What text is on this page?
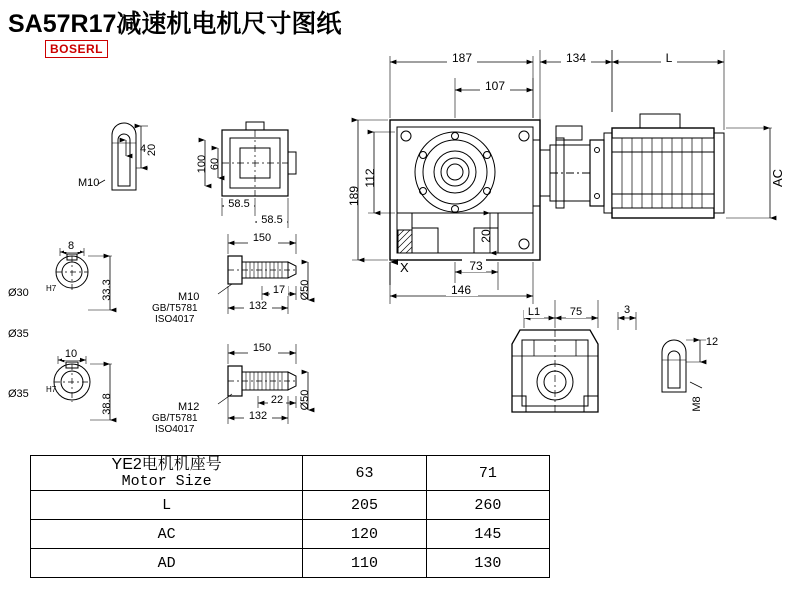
SA57R17减速机电机尺寸图纸
BOSERL
187
107
134	L
189
112
20
73
146
X
AC
20
4
M10
100 60
58.5
58.5
8
Ø30 H7	33.3
Ø35
10
Ø35 H7
38.8
150
M10
GB/T5781
ISO4017
17
132
Ø50
150
M12
GB/T5781
ISO4017
22
132
Ø50
L1	75	3
12
M8
YE2电机机座号
Motor Size	63	71
L	205	260
AC	120	145
AD	110	130
